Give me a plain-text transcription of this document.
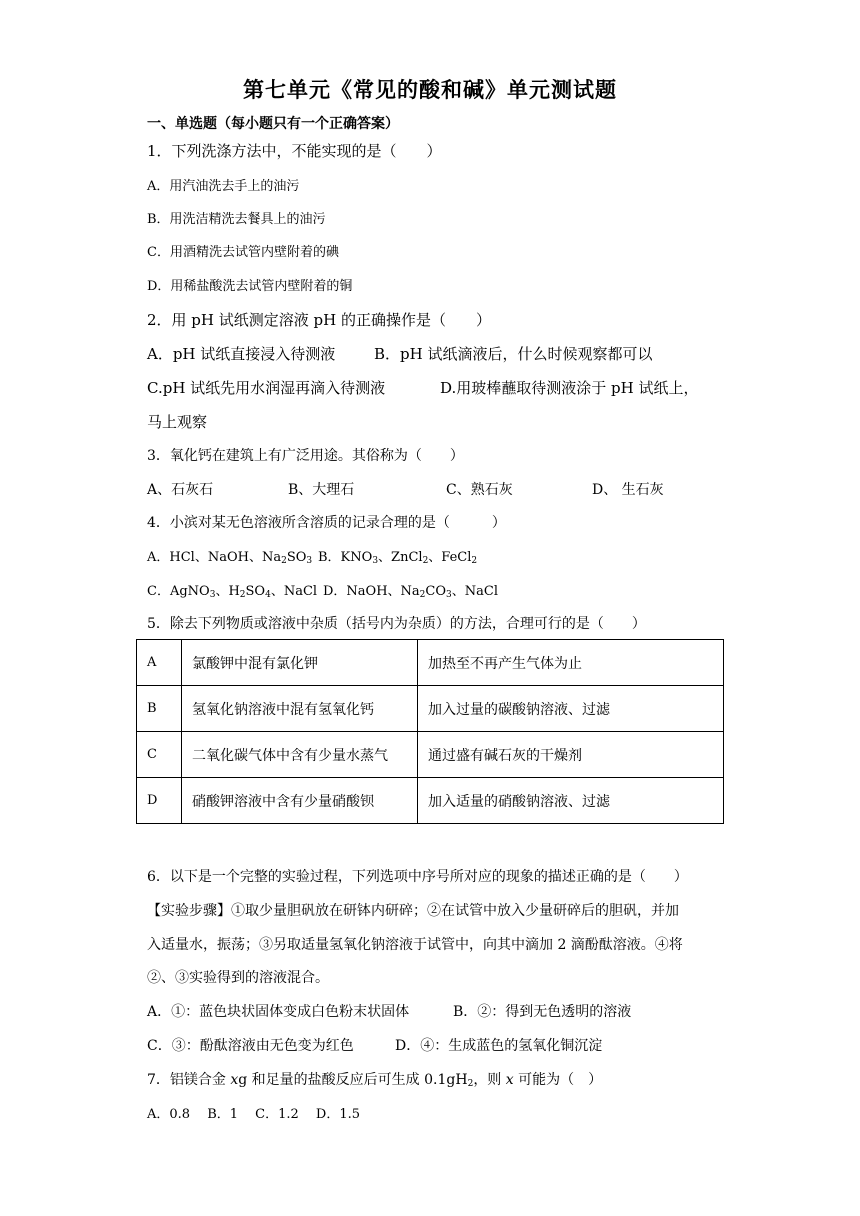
第七单元《常见的酸和碱》单元测试题
一、单选题（每小题只有一个正确答案）
1．下列洗涤方法中，不能实现的是（　　）
A．用汽油洗去手上的油污
B．用洗洁精洗去餐具上的油污
C．用酒精洗去试管内壁附着的碘
D．用稀盐酸洗去试管内壁附着的铜
2．用 pH 试纸测定溶液 pH 的正确操作是（　　）
A．pH 试纸直接浸入待测液	B．pH 试纸滴液后，什么时候观察都可以
C.pH 试纸先用水润湿再滴入待测液	D.用玻棒蘸取待测液涂于 pH 试纸上，
马上观察
3．氧化钙在建筑上有广泛用途。其俗称为（　　）
A、石灰石	B、大理石	C、熟石灰	D、 生石灰
4．小滨对某无色溶液所含溶质的记录合理的是（　　　）
A．HCl、NaOH、$Na_2SO_3$ B．$KNO_3$、ZnCl$_2$、FeCl$_2$
C．AgNO$_3$、$H_2SO_4$、NaCl D．NaOH、$Na_2CO_3$、NaCl
5．除去下列物质或溶液中杂质（括号内为杂质）的方法，合理可行的是（　　）
A	氯酸钾中混有氯化钾	加热至不再产生气体为止
B	氢氧化钠溶液中混有氢氧化钙	加入过量的碳酸钠溶液、过滤
C	二氧化碳气体中含有少量水蒸气	通过盛有碱石灰的干燥剂
D	硝酸钾溶液中含有少量硝酸钡	加入适量的硝酸钠溶液、过滤
6．以下是一个完整的实验过程，下列选项中序号所对应的现象的描述正确的是（　　）
【实验步骤】①取少量胆矾放在研钵内研碎；②在试管中放入少量研碎后的胆矾，并加
入适量水，振荡；③另取适量氢氧化钠溶液于试管中，向其中滴加 2 滴酚酞溶液。④将
②、③实验得到的溶液混合。
A．①：蓝色块状固体变成白色粉末状固体	B．②：得到无色透明的溶液
C．③：酚酞溶液由无色变为红色	D．④：生成蓝色的氢氧化铜沉淀
7．铝镁合金 xg 和足量的盐酸反应后可生成 $0.1gH_2$，则 x 可能为（　）
A．0.8　 B．1　 C．1.2　 D．1.5
